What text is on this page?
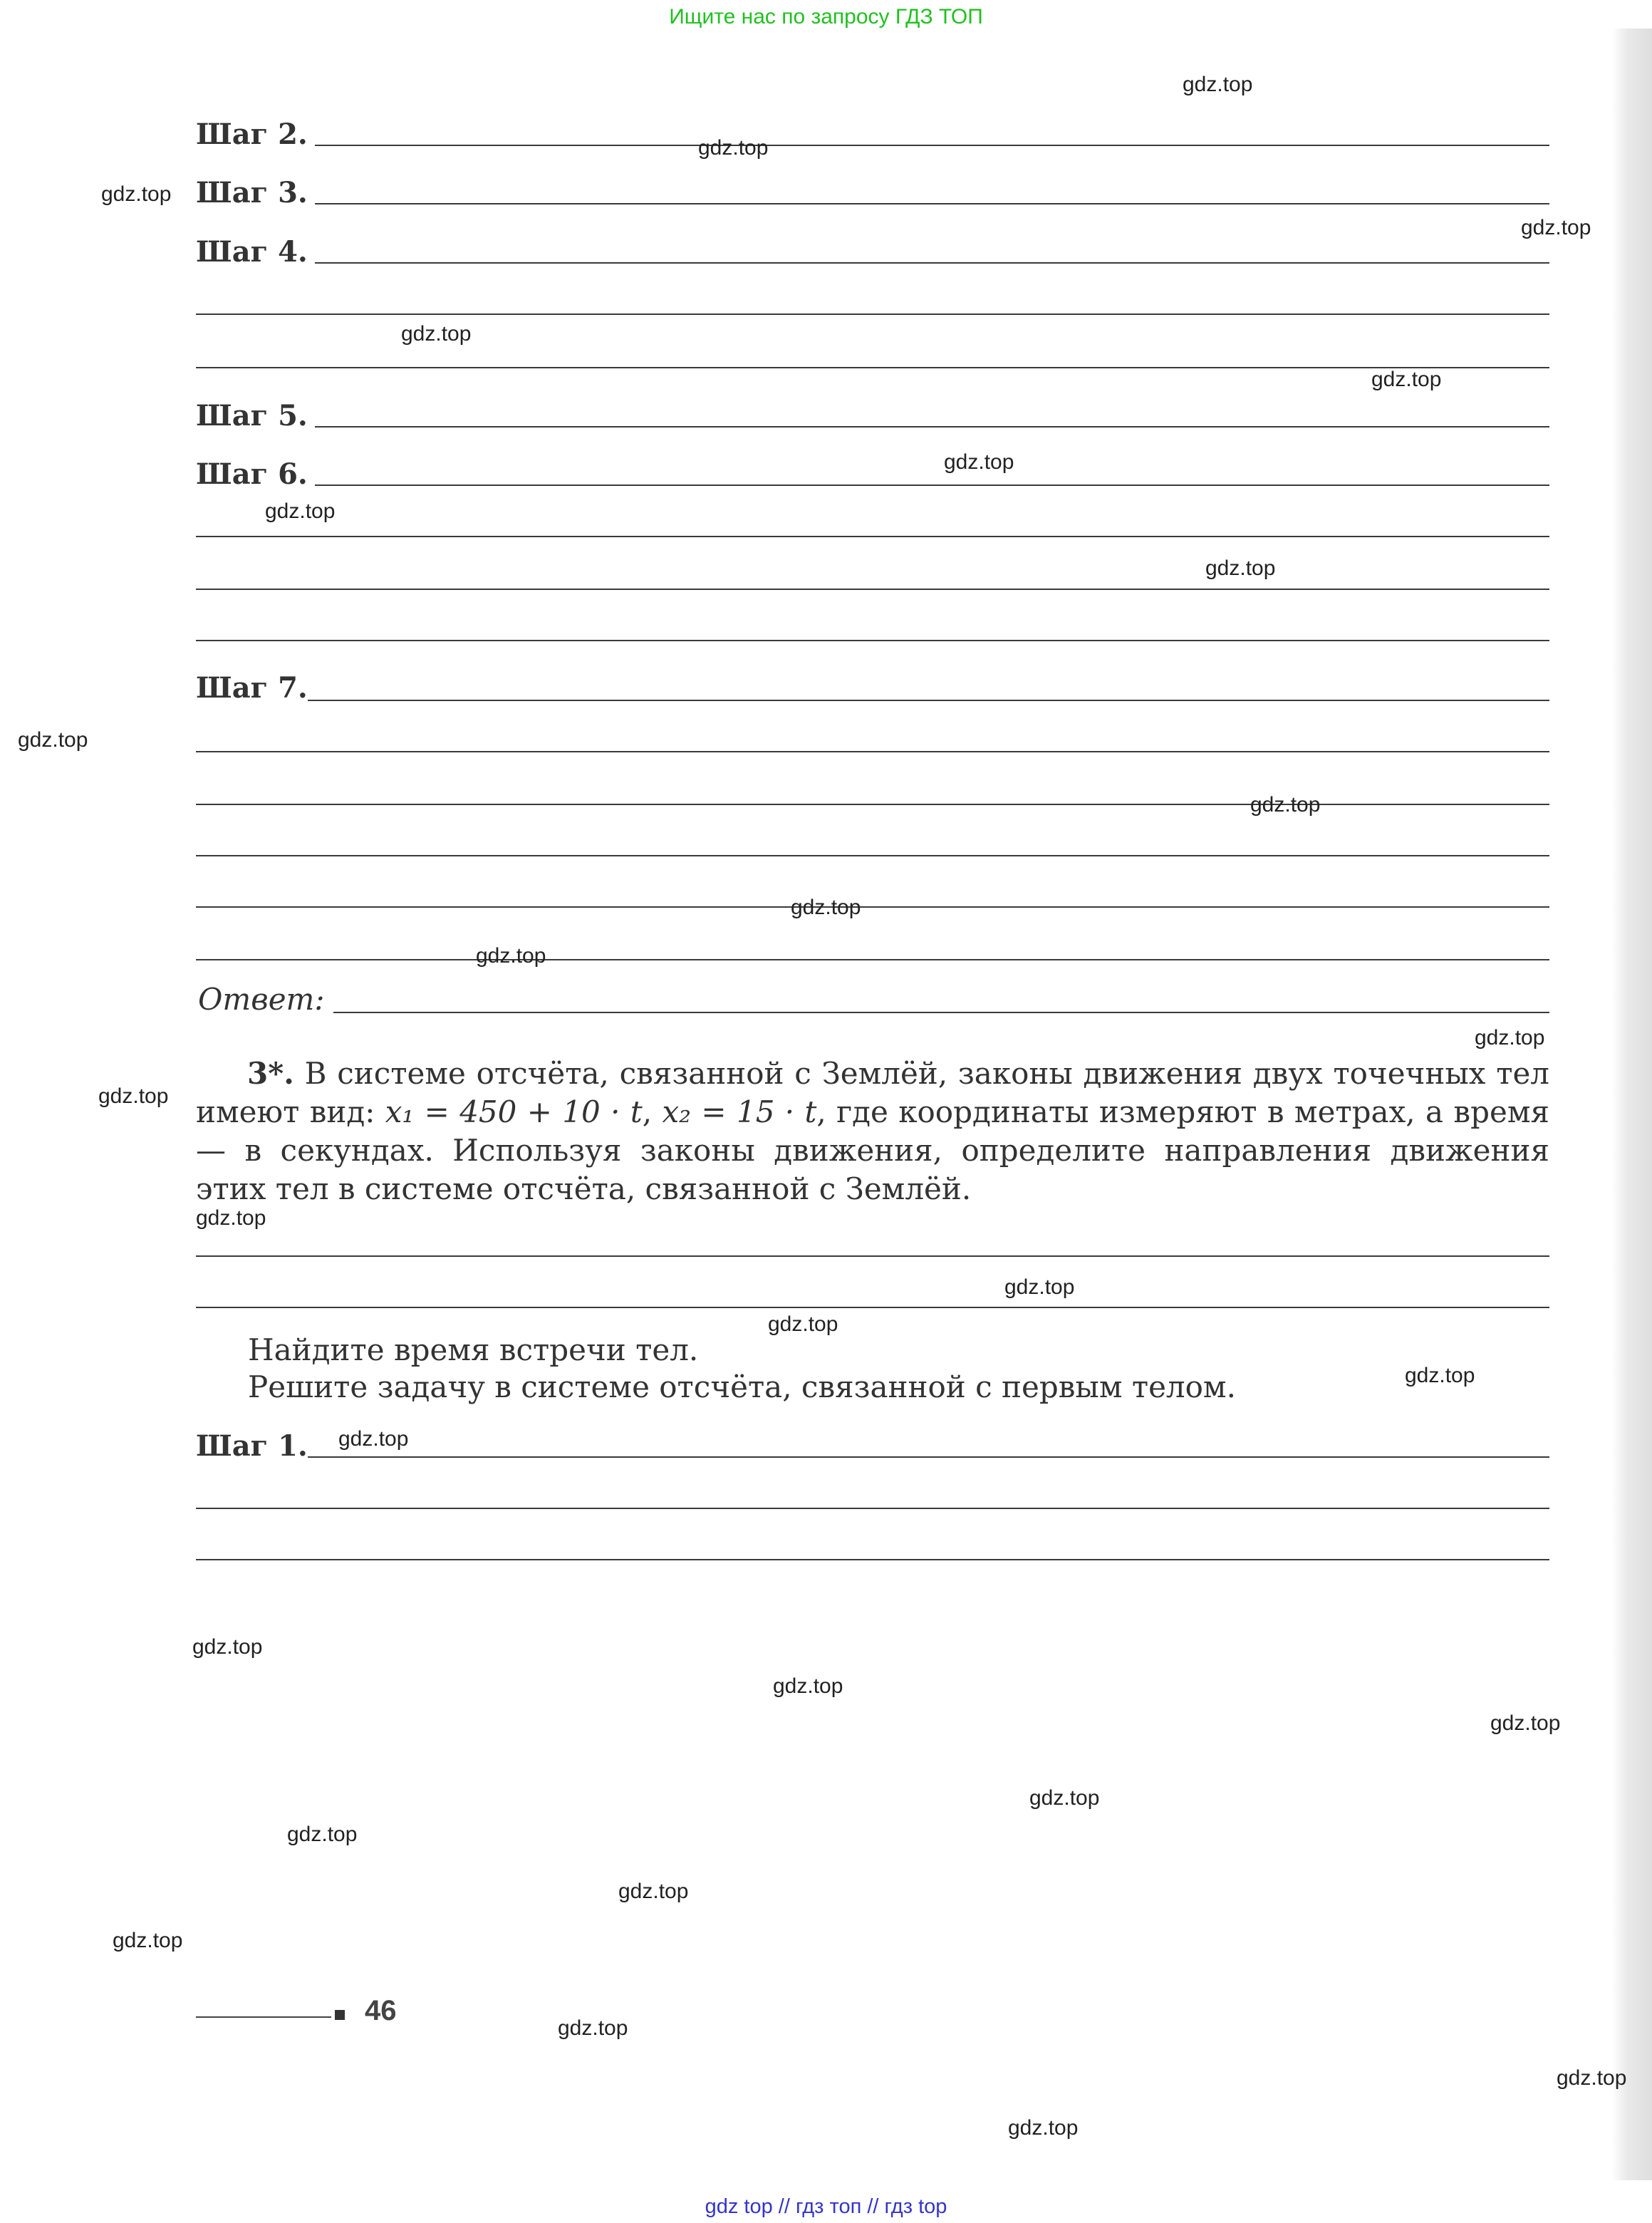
Ищите нас по запросу ГДЗ ТОП
Шаг 2.
Шаг 3.
Шаг 4.
Шаг 5.
Шаг 6.
Шаг 7.
Ответ:
3*. В системе отсчёта, связанной с Землёй, законы движения двух точечных тел имеют вид: x₁ = 450 + 10 · t, x₂ = 15 · t, где координаты измеряют в метрах, а время — в секундах. Используя законы движения, определите направления движения этих тел в системе отсчёта, связанной с Землёй.
Найдите время встречи тел.
Решите задачу в системе отсчёта, связанной с первым телом.
Шаг 1.
46
gdz.top
gdz.top
gdz.top
gdz.top
gdz.top
gdz.top
gdz.top
gdz.top
gdz.top
gdz.top
gdz.top
gdz.top
gdz.top
gdz.top
gdz.top
gdz.top
gdz.top
gdz.top
gdz.top
gdz.top
gdz.top
gdz.top
gdz.top
gdz.top
gdz.top
gdz.top
gdz.top
gdz.top
gdz.top
gdz.top
gdz top // гдз топ // гдз top
